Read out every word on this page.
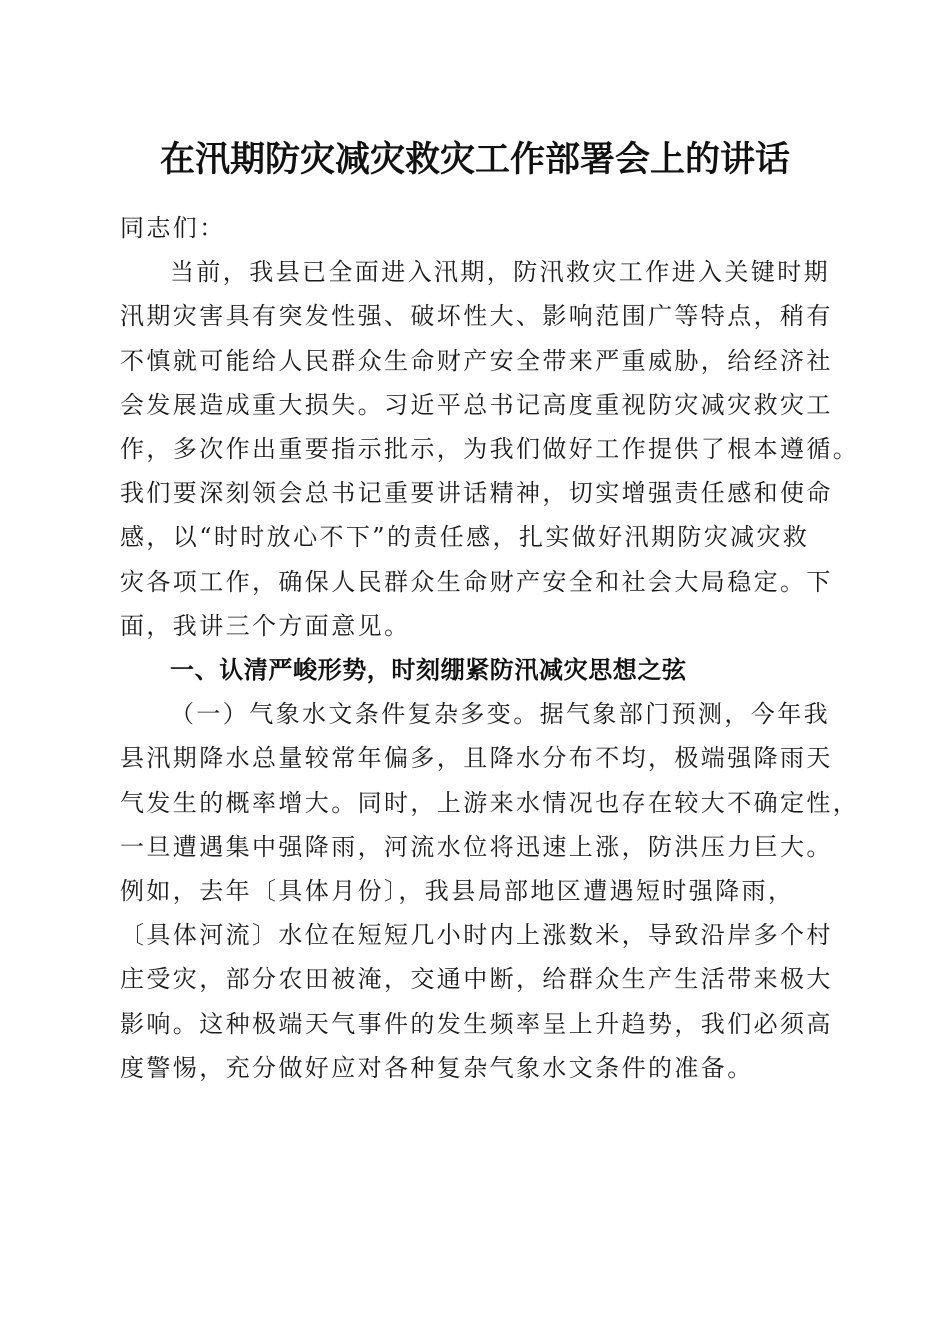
在汛期防灾减灾救灾工作部署会上的讲话
同志们：
当前，我县已全面进入汛期，防汛救灾工作进入关键时期
汛期灾害具有突发性强、破坏性大、影响范围广等特点，稍有
不慎就可能给人民群众生命财产安全带来严重威胁，给经济社
会发展造成重大损失。习近平总书记高度重视防灾减灾救灾工
作，多次作出重要指示批示，为我们做好工作提供了根本遵循。
我们要深刻领会总书记重要讲话精神，切实增强责任感和使命
感，以“时时放心不下”的责任感，扎实做好汛期防灾减灾救
灾各项工作，确保人民群众生命财产安全和社会大局稳定。下
面，我讲三个方面意见。
一、认清严峻形势，时刻绷紧防汛减灾思想之弦
（一）气象水文条件复杂多变。据气象部门预测，今年我
县汛期降水总量较常年偏多，且降水分布不均，极端强降雨天
气发生的概率增大。同时，上游来水情况也存在较大不确定性，
一旦遭遇集中强降雨，河流水位将迅速上涨，防洪压力巨大。
例如，去年〔具体月份〕，我县局部地区遭遇短时强降雨，
〔具体河流〕水位在短短几小时内上涨数米，导致沿岸多个村
庄受灾，部分农田被淹，交通中断，给群众生产生活带来极大
影响。这种极端天气事件的发生频率呈上升趋势，我们必须高
度警惕，充分做好应对各种复杂气象水文条件的准备。
